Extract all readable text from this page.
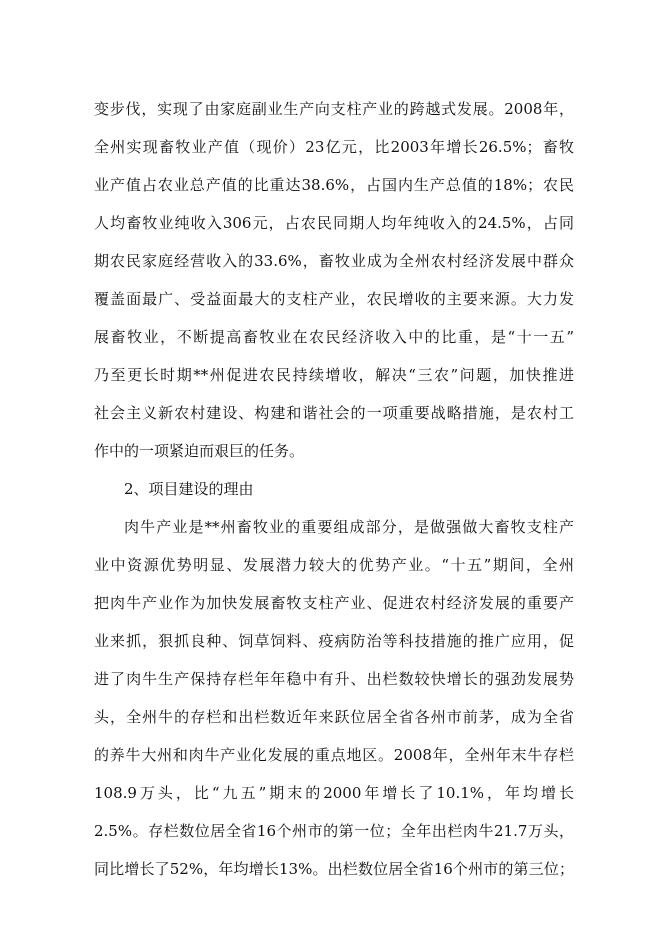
变步伐，实现了由家庭副业生产向支柱产业的跨越式发展。2008年，
全州实现畜牧业产值（现价）23亿元，比2003年增长26.5%；畜牧
业产值占农业总产值的比重达38.6%，占国内生产总值的18%；农民
人均畜牧业纯收入306元，占农民同期人均年纯收入的24.5%，占同
期农民家庭经营收入的33.6%，畜牧业成为全州农村经济发展中群众
覆盖面最广、受益面最大的支柱产业，农民增收的主要来源。大力发
展畜牧业，不断提高畜牧业在农民经济收入中的比重，是“十一五”
乃至更长时期**州促进农民持续增收，解决“三农”问题，加快推进
社会主义新农村建设、构建和谐社会的一项重要战略措施，是农村工
作中的一项紧迫而艰巨的任务。
2、项目建设的理由
肉牛产业是**州畜牧业的重要组成部分，是做强做大畜牧支柱产
业中资源优势明显、发展潜力较大的优势产业。“十五”期间，全州
把肉牛产业作为加快发展畜牧支柱产业、促进农村经济发展的重要产
业来抓，狠抓良种、饲草饲料、疫病防治等科技措施的推广应用，促
进了肉牛生产保持存栏年年稳中有升、出栏数较快增长的强劲发展势
头，全州牛的存栏和出栏数近年来跃位居全省各州市前茅，成为全省
的养牛大州和肉牛产业化发展的重点地区。2008年，全州年末牛存栏
108.9万头，比“九五”期末的2000年增长了10.1%，年均增长
2.5%。存栏数位居全省16个州市的第一位；全年出栏肉牛21.7万头，
同比增长了52%，年均增长13%。出栏数位居全省16个州市的第三位；
